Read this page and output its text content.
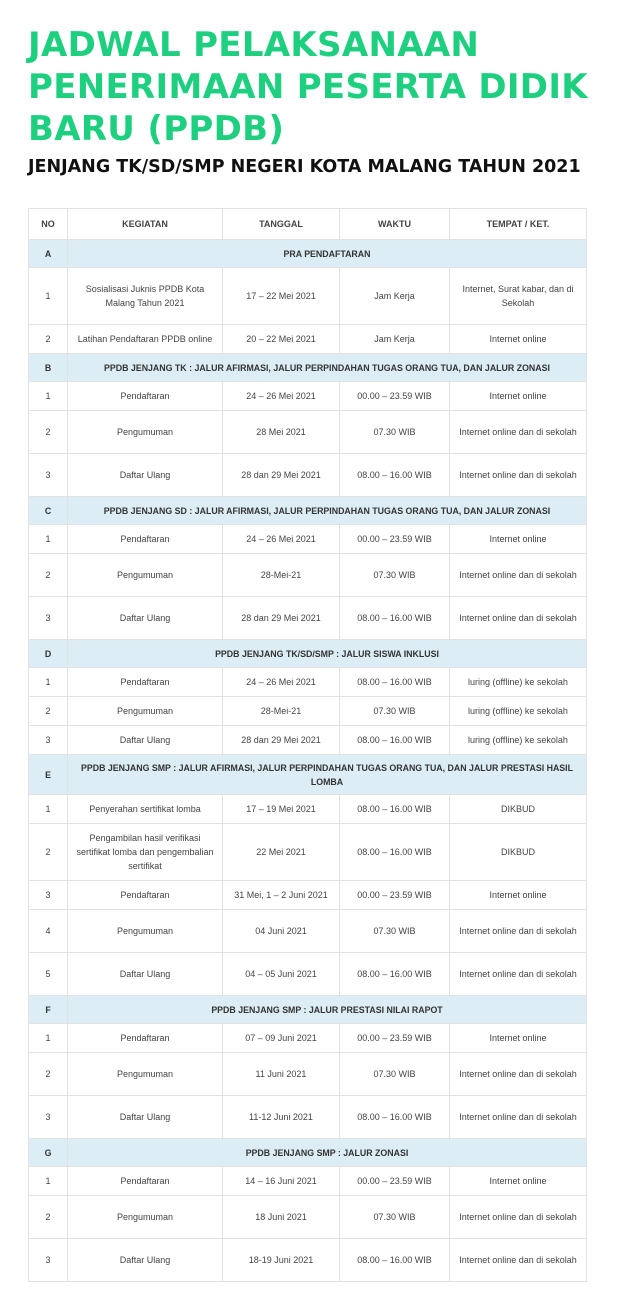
JADWAL PELAKSANAAN PENERIMAAN PESERTA DIDIK BARU (PPDB)
JENJANG TK/SD/SMP NEGERI KOTA MALANG TAHUN 2021
NO	KEGIATAN	TANGGAL	WAKTU	TEMPAT / KET.
A	PRA PENDAFTARAN			
1	Sosialisasi Juknis PPDB Kota Malang Tahun 2021	17 – 22 Mei 2021	Jam Kerja	Internet, Surat kabar, dan di Sekolah
2	Latihan Pendaftaran PPDB online	20 – 22 Mei 2021	Jam Kerja	Internet online
B	PPDB JENJANG TK : JALUR AFIRMASI, JALUR PERPINDAHAN TUGAS ORANG TUA, DAN JALUR ZONASI			
1	Pendaftaran	24 – 26 Mei 2021	00.00 – 23.59 WIB	Internet online
2	Pengumuman	28 Mei 2021	07.30 WIB	Internet online dan di sekolah
3	Daftar Ulang	28 dan 29 Mei 2021	08.00 – 16.00 WIB	Internet online dan di sekolah
C	PPDB JENJANG SD : JALUR AFIRMASI, JALUR PERPINDAHAN TUGAS ORANG TUA, DAN JALUR ZONASI			
1	Pendaftaran	24 – 26 Mei 2021	00.00 – 23.59 WIB	Internet online
2	Pengumuman	28-Mei-21	07.30 WIB	Internet online dan di sekolah
3	Daftar Ulang	28 dan 29 Mei 2021	08.00 – 16.00 WIB	Internet online dan di sekolah
D	PPDB JENJANG TK/SD/SMP : JALUR SISWA INKLUSI			
1	Pendaftaran	24 – 26 Mei 2021	08.00 – 16.00 WIB	luring (offline) ke sekolah
2	Pengumuman	28-Mei-21	07.30 WIB	luring (offline) ke sekolah
3	Daftar Ulang	28 dan 29 Mei 2021	08.00 – 16.00 WIB	luring (offline) ke sekolah
E	PPDB JENJANG SMP : JALUR AFIRMASI, JALUR PERPINDAHAN TUGAS ORANG TUA, DAN JALUR PRESTASI HASIL LOMBA			
1	Penyerahan sertifikat lomba	17 – 19 Mei 2021	08.00 – 16.00 WIB	DIKBUD
2	Pengambilan hasil verifikasi sertifikat lomba dan pengembalian sertifikat	22 Mei 2021	08.00 – 16.00 WIB	DIKBUD
3	Pendaftaran	31 Mei, 1 – 2 Juni 2021	00.00 – 23.59 WIB	Internet online
4	Pengumuman	04 Juni 2021	07.30 WIB	Internet online dan di sekolah
5	Daftar Ulang	04 – 05 Juni 2021	08.00 – 16.00 WIB	Internet online dan di sekolah
F	PPDB JENJANG SMP : JALUR PRESTASI NILAI RAPOT			
1	Pendaftaran	07 – 09 Juni 2021	00.00 – 23.59 WIB	Internet online
2	Pengumuman	11 Juni 2021	07.30 WIB	Internet online dan di sekolah
3	Daftar Ulang	11-12 Juni 2021	08.00 – 16.00 WIB	Internet online dan di sekolah
G	PPDB JENJANG SMP : JALUR ZONASI			
1	Pendaftaran	14 – 16 Juni 2021	00.00 – 23.59 WIB	Internet online
2	Pengumuman	18 Juni 2021	07.30 WIB	Internet online dan di sekolah
3	Daftar Ulang	18-19 Juni 2021	08.00 – 16.00 WIB	Internet online dan di sekolah
